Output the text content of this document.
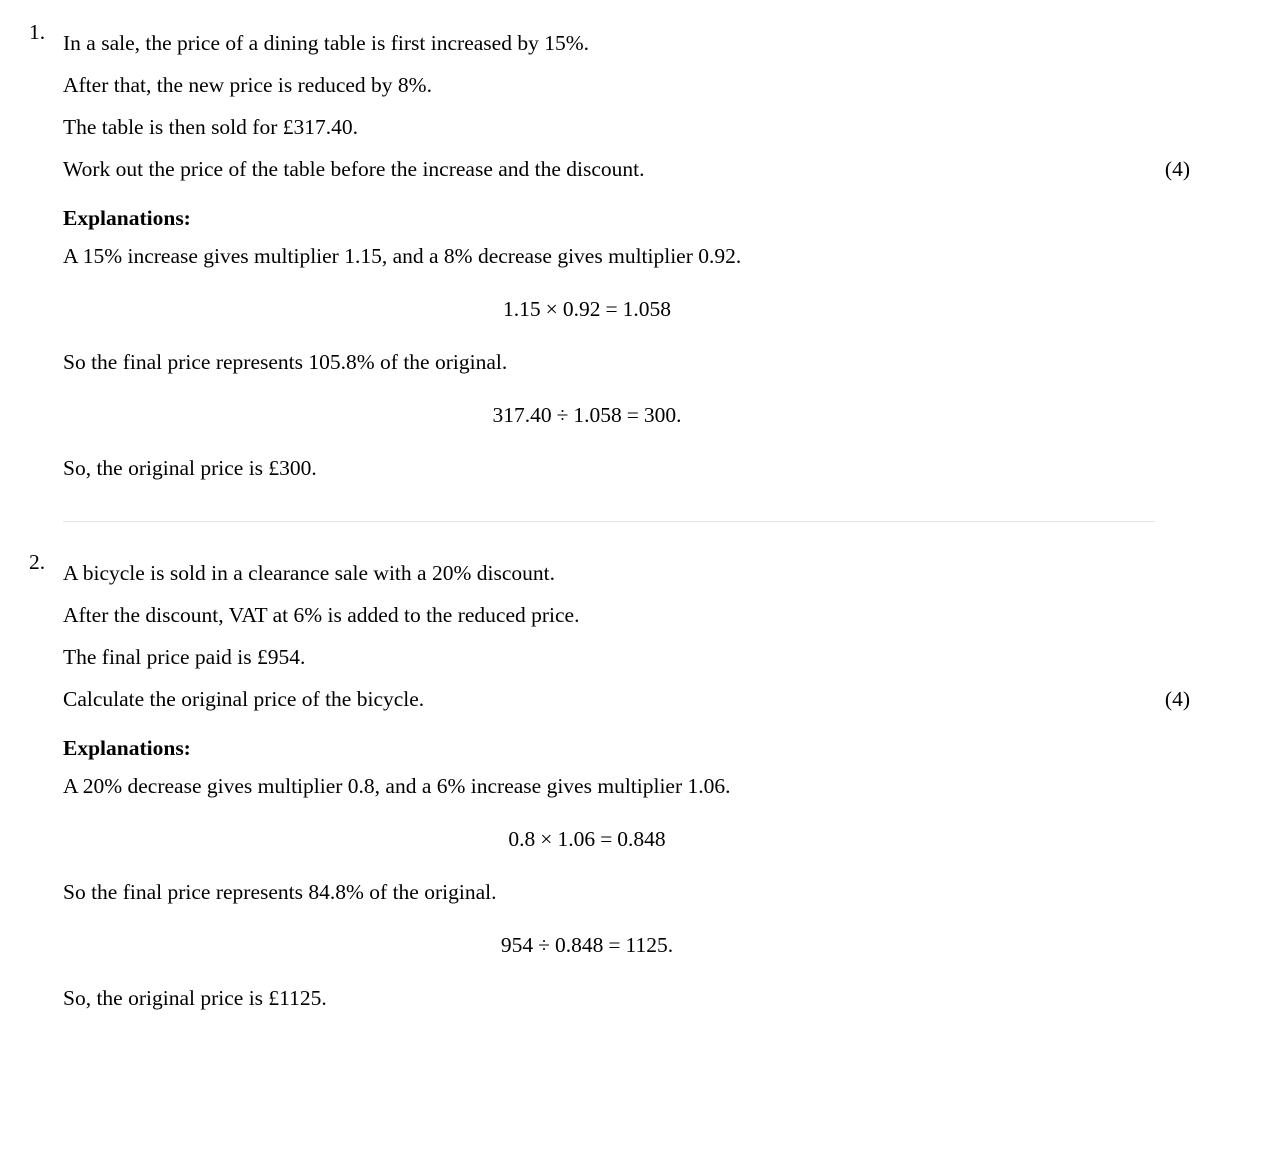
1. In a sale, the price of a dining table is first increased by 15%.
After that, the new price is reduced by 8%.
The table is then sold for £317.40.
Work out the price of the table before the increase and the discount.	(4)
Explanations:
A 15% increase gives multiplier 1.15, and a 8% decrease gives multiplier 0.92.
1.15 × 0.92 = 1.058
So the final price represents 105.8% of the original.
317.40 ÷ 1.058 = 300.
So, the original price is £300.
2. A bicycle is sold in a clearance sale with a 20% discount.
After the discount, VAT at 6% is added to the reduced price.
The final price paid is £954.
Calculate the original price of the bicycle.	(4)
Explanations:
A 20% decrease gives multiplier 0.8, and a 6% increase gives multiplier 1.06.
0.8 × 1.06 = 0.848
So the final price represents 84.8% of the original.
954 ÷ 0.848 = 1125.
So, the original price is £1125.
